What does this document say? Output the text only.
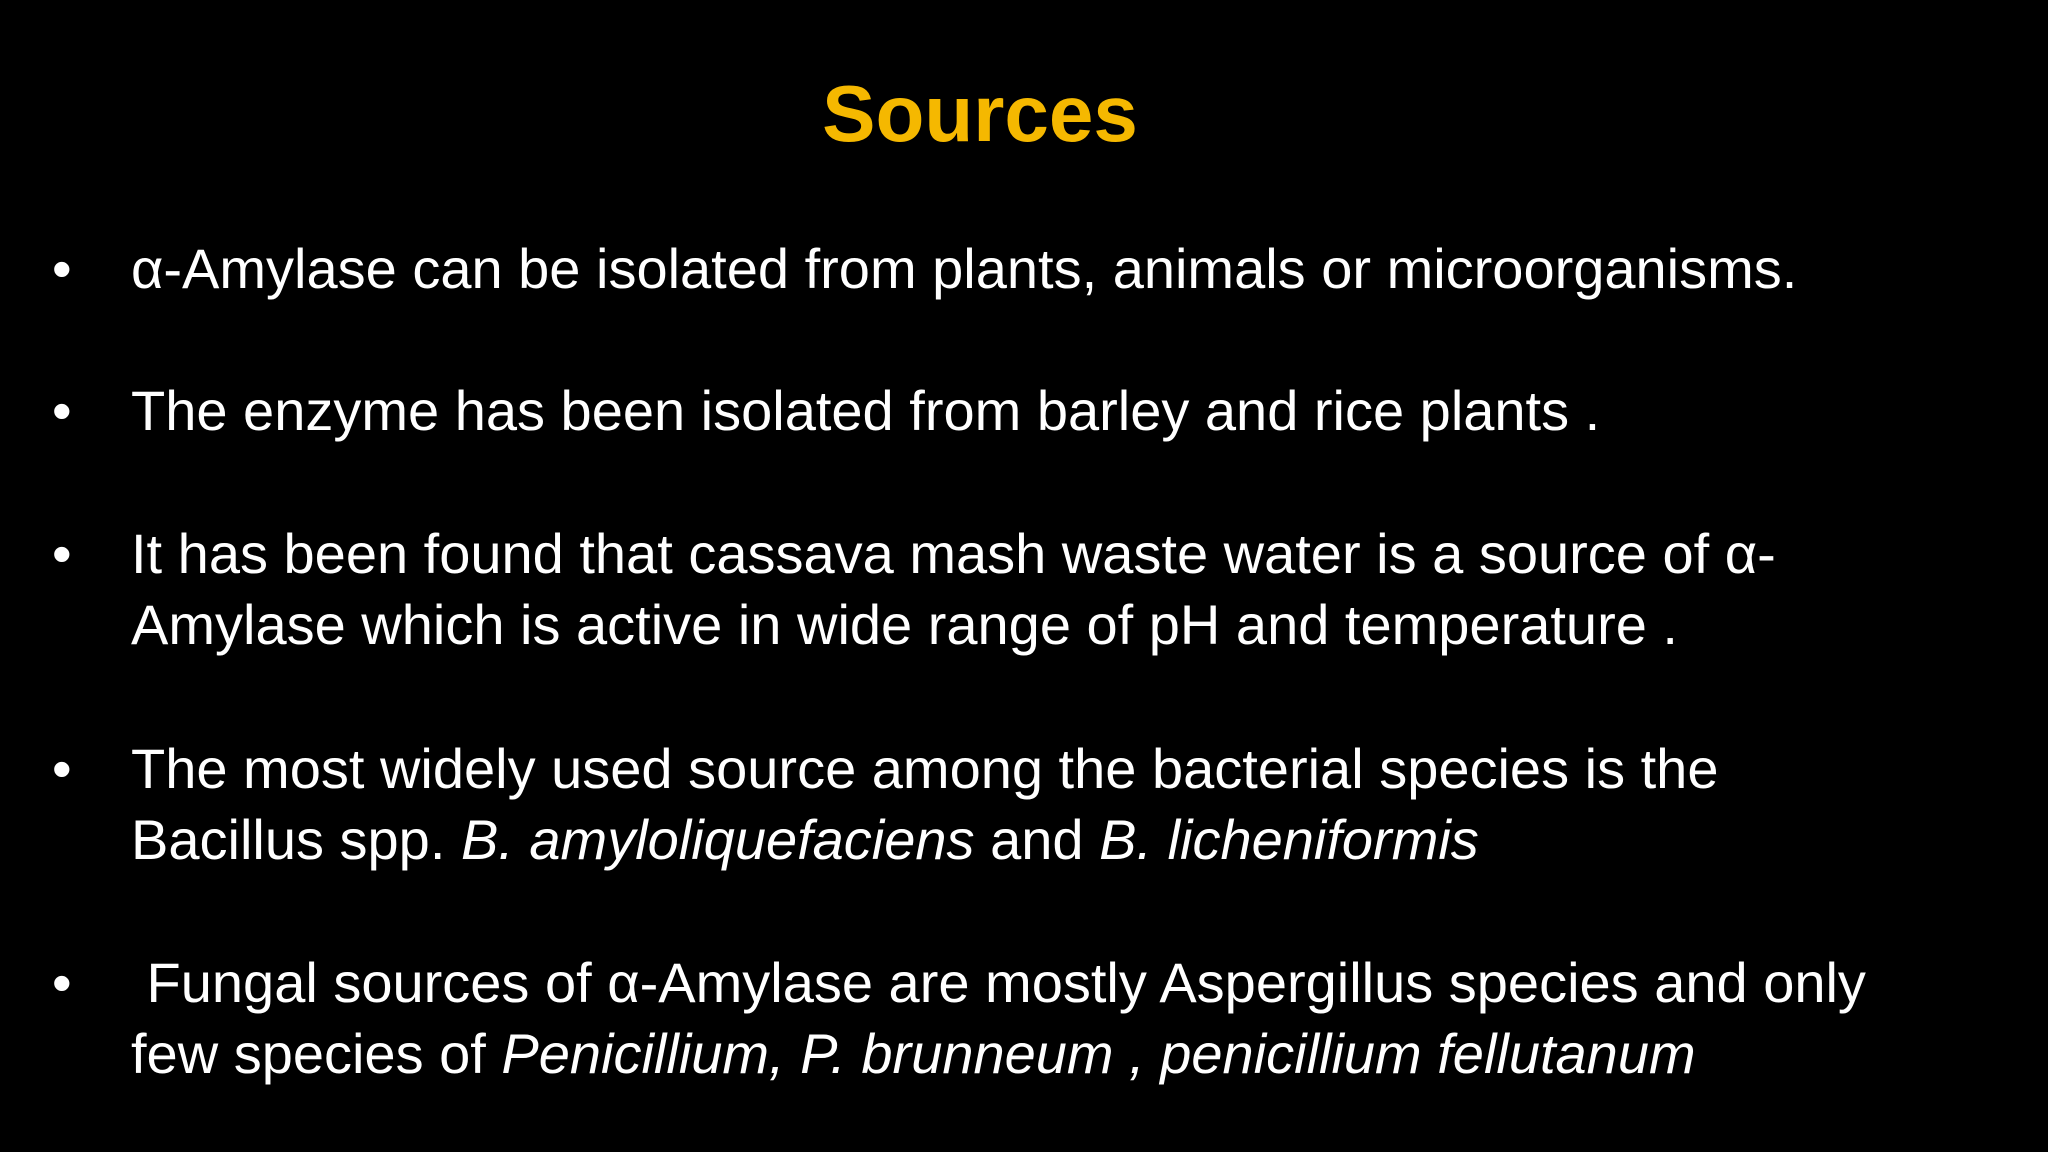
Sources
• α-Amylase can be isolated from plants, animals or microorganisms.
• The enzyme has been isolated from barley and rice plants .
• It has been found that cassava mash waste water is a source of α-
Amylase which is active in wide range of pH and temperature .
• The most widely used source among the bacterial species is the
Bacillus spp. B. amyloliquefaciens and B. licheniformis
• Fungal sources of α-Amylase are mostly Aspergillus species and only
few species of Penicillium, P. brunneum , penicillium fellutanum
